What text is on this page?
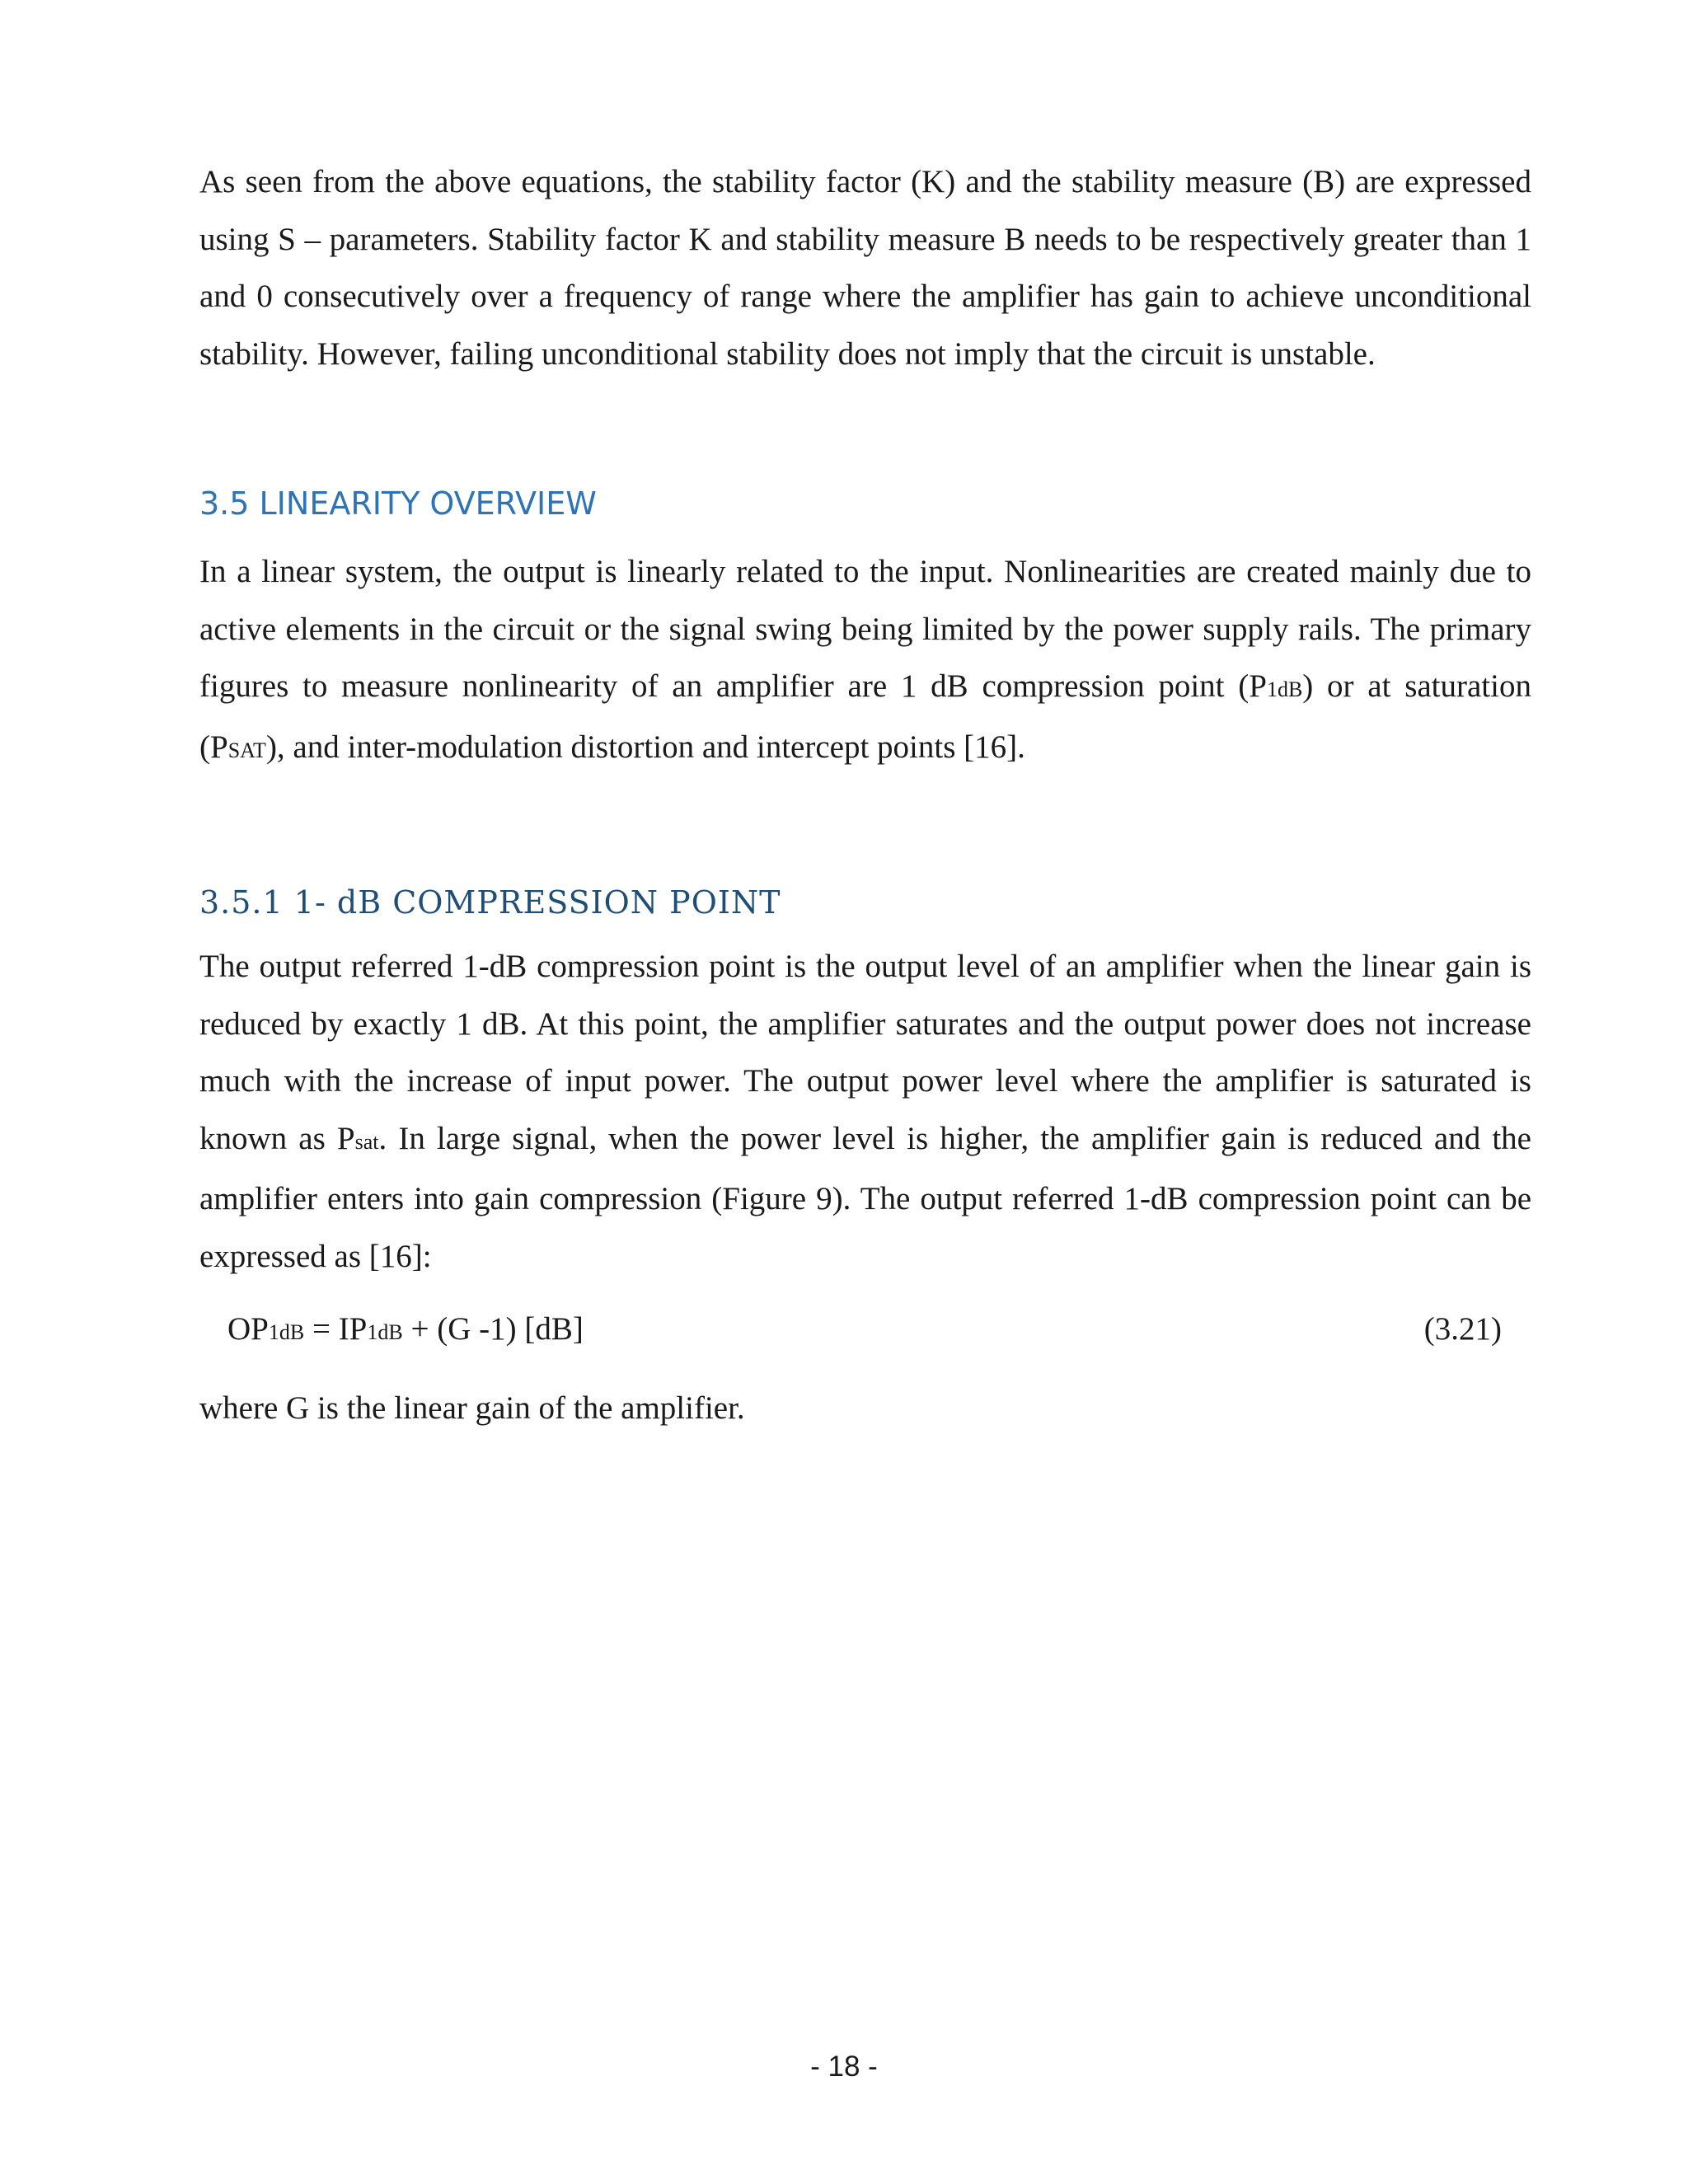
As seen from the above equations, the stability factor (K) and the stability measure (B) are expressed using S – parameters. Stability factor K and stability measure B needs to be respectively greater than 1 and 0 consecutively over a frequency of range where the amplifier has gain to achieve unconditional stability. However, failing unconditional stability does not imply that the circuit is unstable.

3.5 LINEARITY OVERVIEW

In a linear system, the output is linearly related to the input. Nonlinearities are created mainly due to active elements in the circuit or the signal swing being limited by the power supply rails. The primary figures to measure nonlinearity of an amplifier are 1 dB compression point (P1dB) or at saturation (PSAT), and inter-modulation distortion and intercept points [16].

3.5.1 1- dB COMPRESSION POINT

The output referred 1-dB compression point is the output level of an amplifier when the linear gain is reduced by exactly 1 dB. At this point, the amplifier saturates and the output power does not increase much with the increase of input power. The output power level where the amplifier is saturated is known as Psat. In large signal, when the power level is higher, the amplifier gain is reduced and the amplifier enters into gain compression (Figure 9). The output referred 1-dB compression point can be expressed as [16]:

OP1dB = IP1dB + (G -1) [dB]	(3.21)

where G is the linear gain of the amplifier.

- 18 -
